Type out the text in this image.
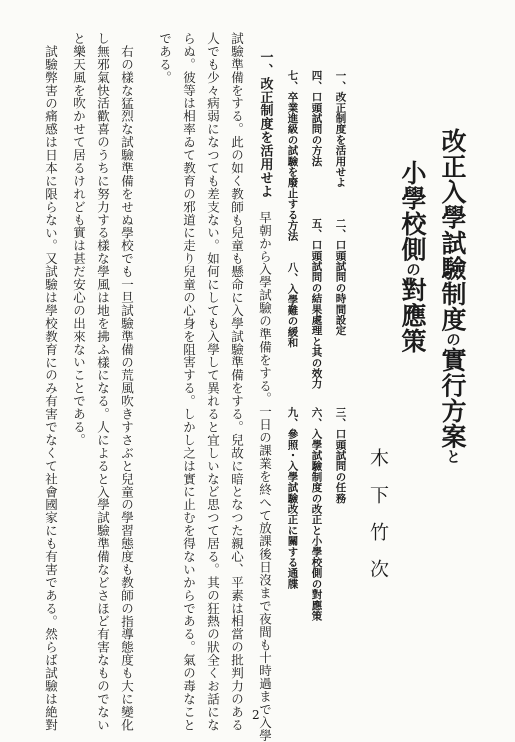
改正入學試驗制度の實行方案と
小學校側の對應策
木下竹次
一、改正制度を活用せよ
二、口頭試問の時間設定
三、口頭試問の任務
四、口頭試問の方法
五、口頭試問の結果處理と其の效力
六、入學試驗制度の改正と小學校側の對應策
七、卒業進級の試驗を廢止する方法
八、入學難の緩和
九、參照・入學試驗改正に關する通牒
一、改正制度を活用せよ　早朝から入學試驗の準備をする。一日の課業を終へて放課後日沒まで夜間も十時過まで入學
試驗準備をする。此の如く教師も兒童も懸命に入學試驗準備をする。兒故に暗となつた親心、平素は相當の批判力のある
人でも少々病弱になつても差支ない。如何にしても入學して異れると宜しいなど思つて居る。其の狂熱の狀全くお話にな
らぬ。彼等は相率ゐて教育の邪道に走り兒童の心身を阻害する。しかし之は實に止むを得ないからである。氣の毒なこと
である。
右の樣な猛烈な試驗準備をせぬ學校でも一旦試驗準備の荒風吹きすさぶと兒童の學習態度も教師の指導態度も大に變化
し無邪氣快活歡喜のうちに努力する樣な學風は地を拂ふ樣になる。人によると入學試驗準備などさほど有害なものでない
と樂天風を吹かせて居るけれども實は甚だ安心の出來ないことである。
試驗弊害の痛感は日本に限らない。又試驗は學校教育にのみ有害でなくて社會國家にも有害である。然らば試驗は絶對	2
